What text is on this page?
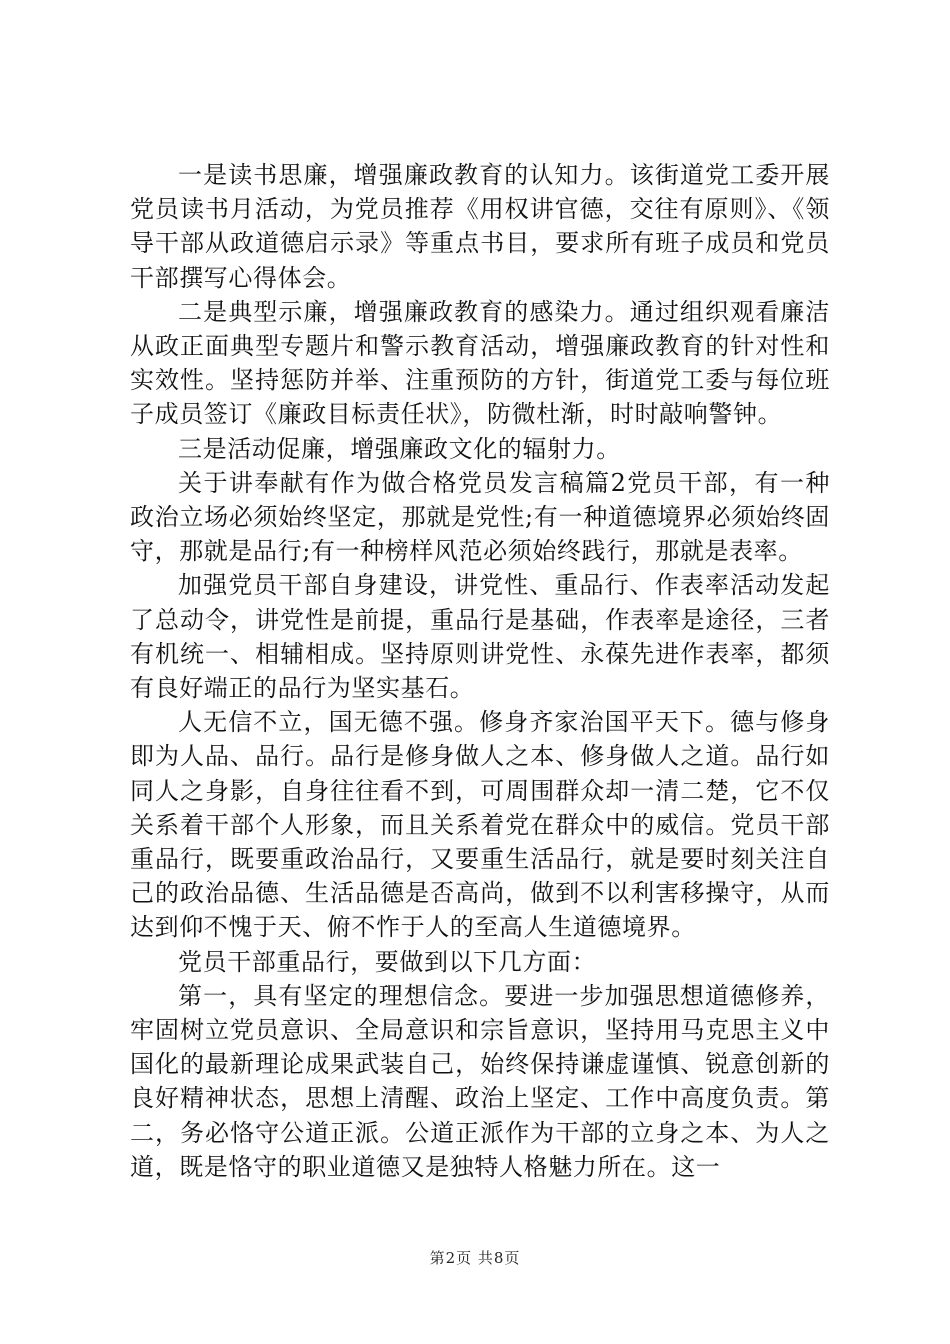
一是读书思廉，增强廉政教育的认知力。该街道党工委开展党员读书月活动，为党员推荐《用权讲官德，交往有原则》、《领导干部从政道德启示录》等重点书目，要求所有班子成员和党员干部撰写心得体会。

二是典型示廉，增强廉政教育的感染力。通过组织观看廉洁从政正面典型专题片和警示教育活动，增强廉政教育的针对性和实效性。坚持惩防并举、注重预防的方针，街道党工委与每位班子成员签订《廉政目标责任状》，防微杜渐，时时敲响警钟。

三是活动促廉，增强廉政文化的辐射力。

关于讲奉献有作为做合格党员发言稿篇2党员干部，有一种政治立场必须始终坚定，那就是党性;有一种道德境界必须始终固守，那就是品行;有一种榜样风范必须始终践行，那就是表率。

加强党员干部自身建设，讲党性、重品行、作表率活动发起了总动令，讲党性是前提，重品行是基础，作表率是途径，三者有机统一、相辅相成。坚持原则讲党性、永葆先进作表率，都须有良好端正的品行为坚实基石。

人无信不立，国无德不强。修身齐家治国平天下。德与修身即为人品、品行。品行是修身做人之本、修身做人之道。品行如同人之身影，自身往往看不到，可周围群众却一清二楚，它不仅关系着干部个人形象，而且关系着党在群众中的威信。党员干部重品行，既要重政治品行，又要重生活品行，就是要时刻关注自己的政治品德、生活品德是否高尚，做到不以利害移操守，从而达到仰不愧于天、俯不怍于人的至高人生道德境界。

党员干部重品行，要做到以下几方面：

第一，具有坚定的理想信念。要进一步加强思想道德修养，牢固树立党员意识、全局意识和宗旨意识，坚持用马克思主义中国化的最新理论成果武装自己，始终保持谦虚谨慎、锐意创新的良好精神状态，思想上清醒、政治上坚定、工作中高度负责。第二，务必恪守公道正派。公道正派作为干部的立身之本、为人之道，既是恪守的职业道德又是独特人格魅力所在。这一

第2页 共8页
